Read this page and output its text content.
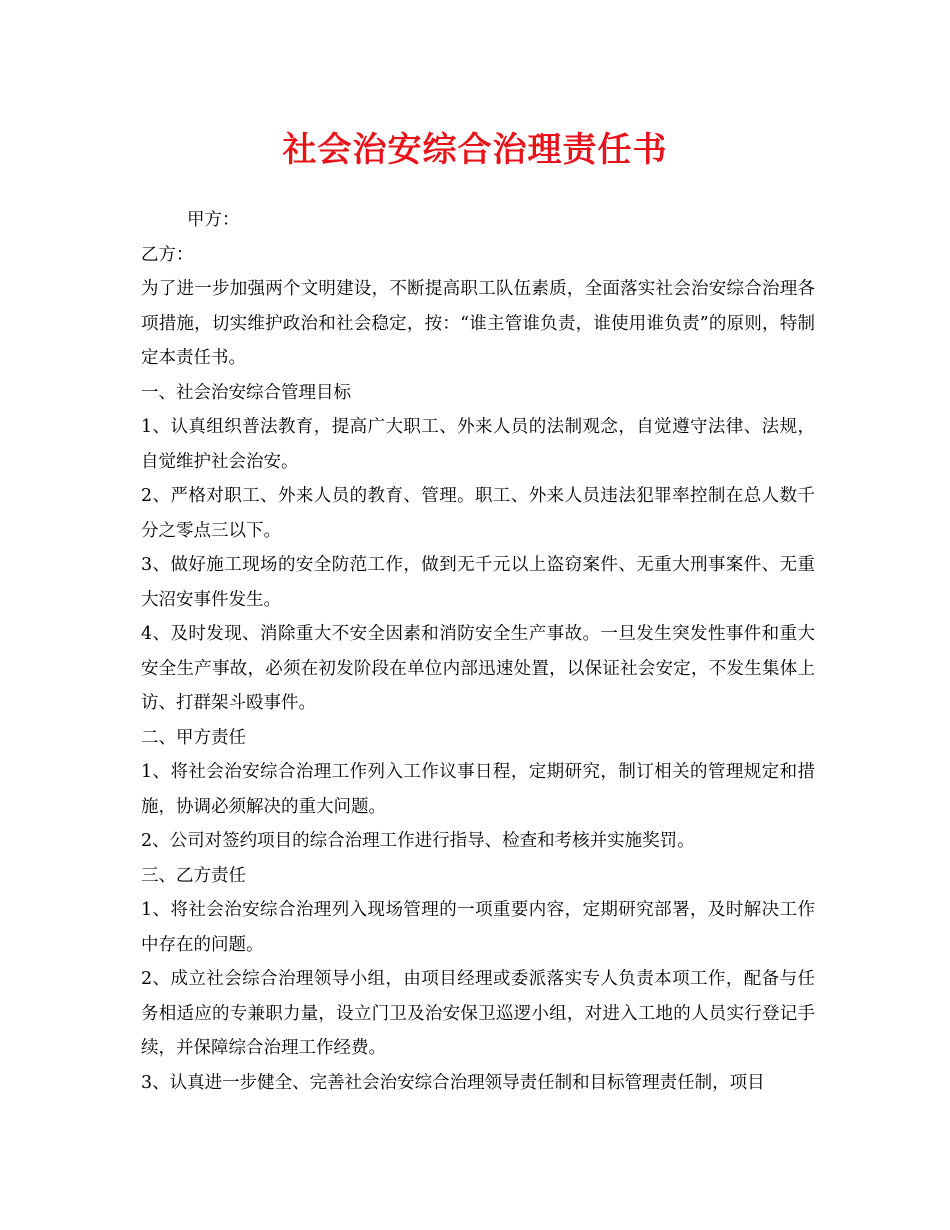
社会治安综合治理责任书

甲方：

乙方：

为了进一步加强两个文明建设，不断提高职工队伍素质，全面落实社会治安综合治理各项措施，切实维护政治和社会稳定，按：“谁主管谁负责，谁使用谁负责”的原则，特制定本责任书。

一、社会治安综合管理目标

1、认真组织普法教育，提高广大职工、外来人员的法制观念，自觉遵守法律、法规，自觉维护社会治安。

2、严格对职工、外来人员的教育、管理。职工、外来人员违法犯罪率控制在总人数千分之零点三以下。

3、做好施工现场的安全防范工作，做到无千元以上盗窃案件、无重大刑事案件、无重大沼安事件发生。

4、及时发现、消除重大不安全因素和消防安全生产事故。一旦发生突发性事件和重大安全生产事故，必须在初发阶段在单位内部迅速处置，以保证社会安定，不发生集体上访、打群架斗殴事件。

二、甲方责任

1、将社会治安综合治理工作列入工作议事日程，定期研究，制订相关的管理规定和措施，协调必须解决的重大问题。

2、公司对签约项目的综合治理工作进行指导、检查和考核并实施奖罚。

三、乙方责任

1、将社会治安综合治理列入现场管理的一项重要内容，定期研究部署，及时解决工作中存在的问题。

2、成立社会综合治理领导小组，由项目经理或委派落实专人负责本项工作，配备与任务相适应的专兼职力量，设立门卫及治安保卫巡逻小组，对进入工地的人员实行登记手续，并保障综合治理工作经费。

3、认真进一步健全、完善社会治安综合治理领导责任制和目标管理责任制，项目
